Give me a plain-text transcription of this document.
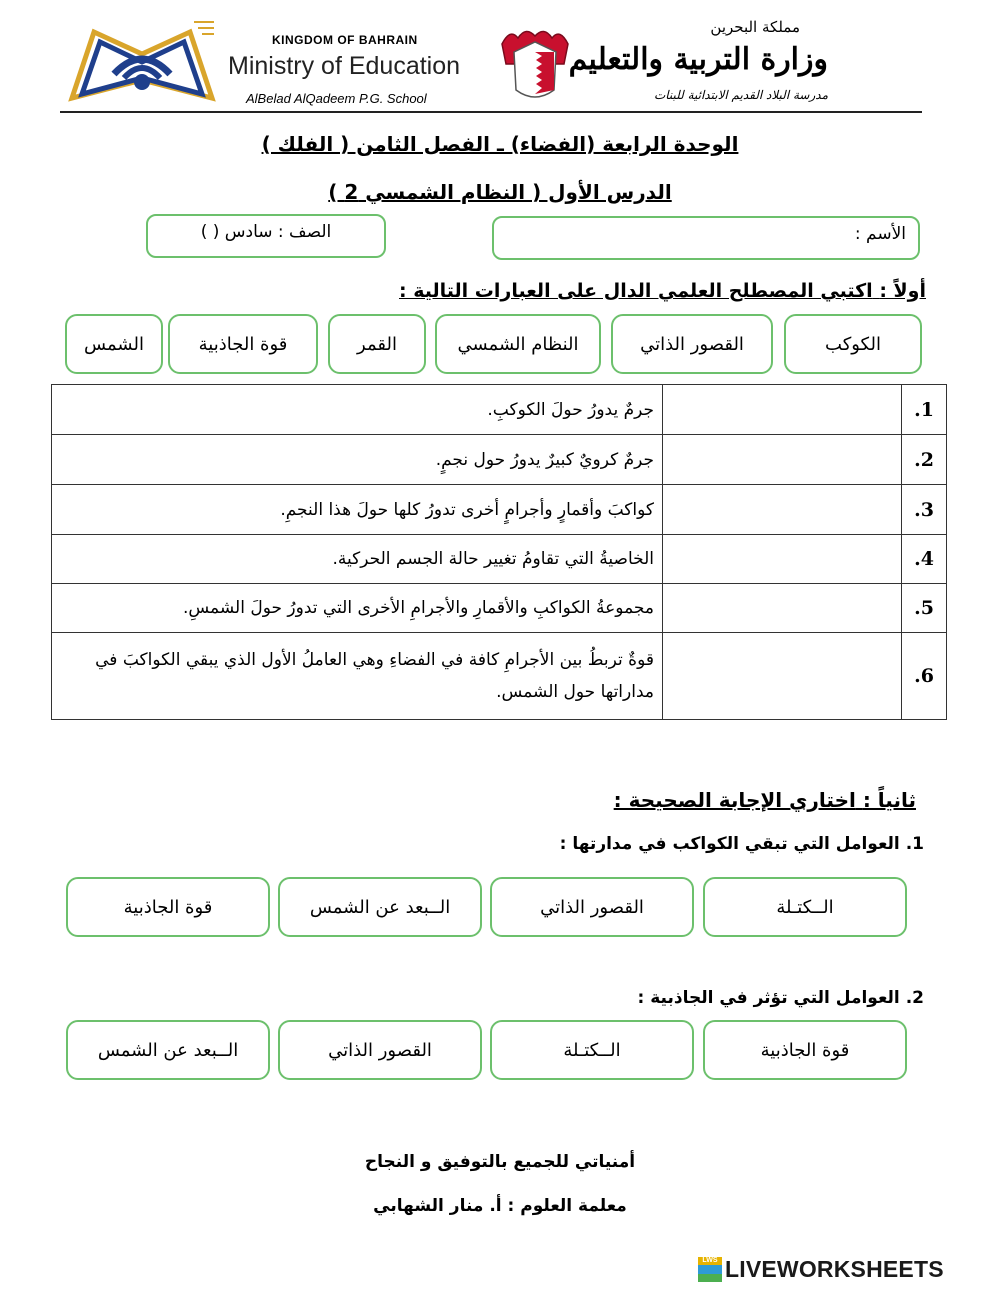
KINGDOM OF BAHRAIN
Ministry of Education
AlBelad AlQadeem P.G. School
مملكة البحرين
وزارة التربية والتعليم
مدرسة البلاد القديم الابتدائية للبنات
الوحدة الرابعة (الفضاء) ـ الفصل الثامن ( الفلك )
الدرس الأول ( النظام الشمسي 2 )
الأسم :
الصف : سادس ( )
أولاً : اكتبي المصطلح العلمي الدال على العبارات التالية :
الكوكب
القصور الذاتي
النظام الشمسي
القمر
قوة الجاذبية
الشمس
1.		جرمٌ يدورُ حولَ الكوكبِ.
2.		جرمٌ كرويٌ كبيرٌ يدورُ حول نجمٍ.
3.		كواكبَ وأقمارٍ وأجرامٍ أخرى تدورُ كلها حولَ هذا النجمِ.
4.		الخاصيةُ التي تقاومُ تغيير حالة الجسم الحركية.
5.		مجموعةُ الكواكبِ والأقمارِ والأجرامِ الأخرى التي تدورُ حولَ الشمسِ.
6.		قوةٌ تربطُ بين الأجرامِ كافة في الفضاءِ وهي العاملُ الأول الذي يبقي الكواكبَ في مداراتها حول الشمس.
ثانياً : اختاري الإجابة الصحيحة :
1. العوامل التي تبقي الكواكب في مدارتها :
الــكتـلة
القصور الذاتي
الــبعد عن الشمس
قوة الجاذبية
2. العوامل التي تؤثر في الجاذبية :
قوة الجاذبية
الــكتـلة
القصور الذاتي
الــبعد عن الشمس
أمنياتي للجميع بالتوفيق و النجاح
معلمة العلوم : أ. منار الشهابي
LWS LIVEWORKSHEETS
